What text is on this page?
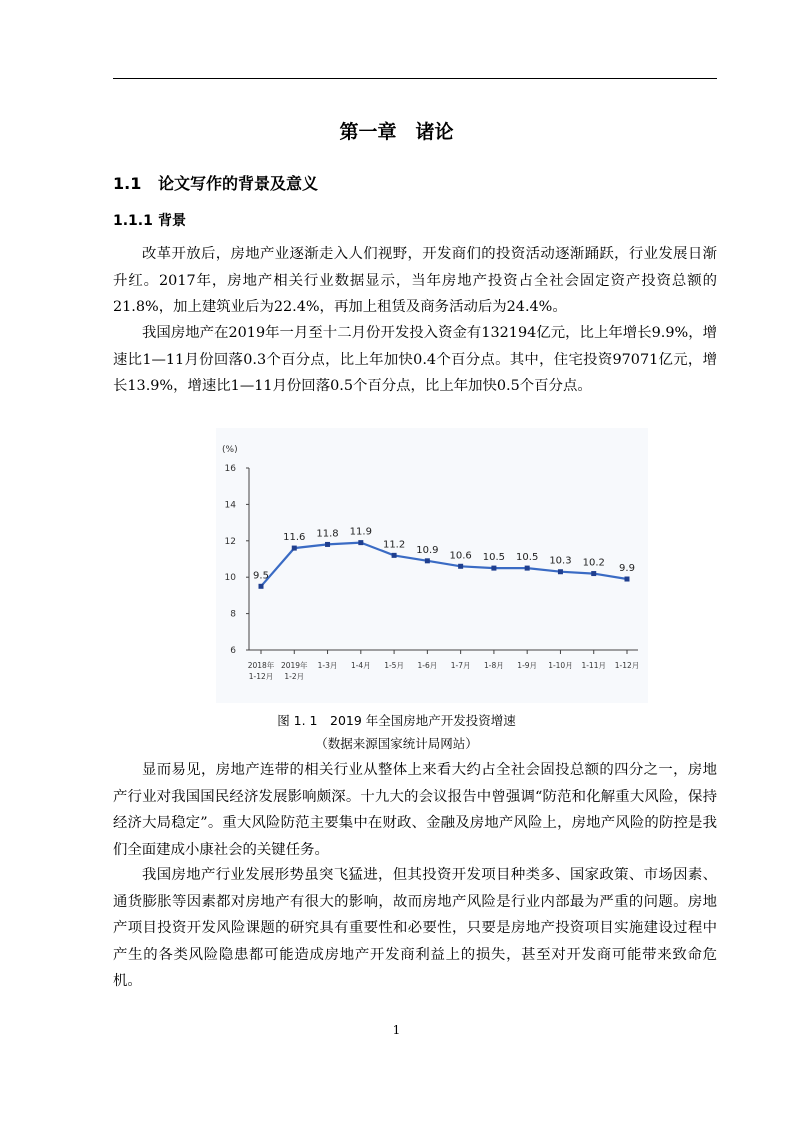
第一章　诸论
1.1 论文写作的背景及意义
1.1.1 背景

改革开放后，房地产业逐渐走入人们视野，开发商们的投资活动逐渐踊跃，行业发展日渐升红。2017年，房地产相关行业数据显示，当年房地产投资占全社会固定资产投资总额的21.8%，加上建筑业后为22.4%，再加上租赁及商务活动后为24.4%。

我国房地产在2019年一月至十二月份开发投入资金有132194亿元，比上年增长9.9%，增速比1—11月份回落0.3个百分点，比上年加快0.4个百分点。其中，住宅投资97071亿元，增长13.9%，增速比1—11月份回落0.5个百分点，比上年加快0.5个百分点。

(%)
6
8
10
12
14
16
2018年 1-12月
2019年 1-2月
1-3月 1-4月 1-5月 1-6月 1-7月 1-8月 1-9月 1-10月 1-11月 1-12月
9.5
11.6 11.8 11.9
11.2 10.9 10.6 10.5 10.5 10.3 10.2 9.9
图 1. 1　2019 年全国房地产开发投资增速
（数据来源国家统计局网站）

显而易见，房地产连带的相关行业从整体上来看大约占全社会固投总额的四分之一，房地产行业对我国国民经济发展影响颇深。十九大的会议报告中曾强调“防范和化解重大风险，保持经济大局稳定”。重大风险防范主要集中在财政、金融及房地产风险上，房地产风险的防控是我们全面建成小康社会的关键任务。

我国房地产行业发展形势虽突飞猛进，但其投资开发项目种类多、国家政策、市场因素、通货膨胀等因素都对房地产有很大的影响，故而房地产风险是行业内部最为严重的问题。房地产项目投资开发风险课题的研究具有重要性和必要性，只要是房地产投资项目实施建设过程中产生的各类风险隐患都可能造成房地产开发商利益上的损失，甚至对开发商可能带来致命危机。

1
